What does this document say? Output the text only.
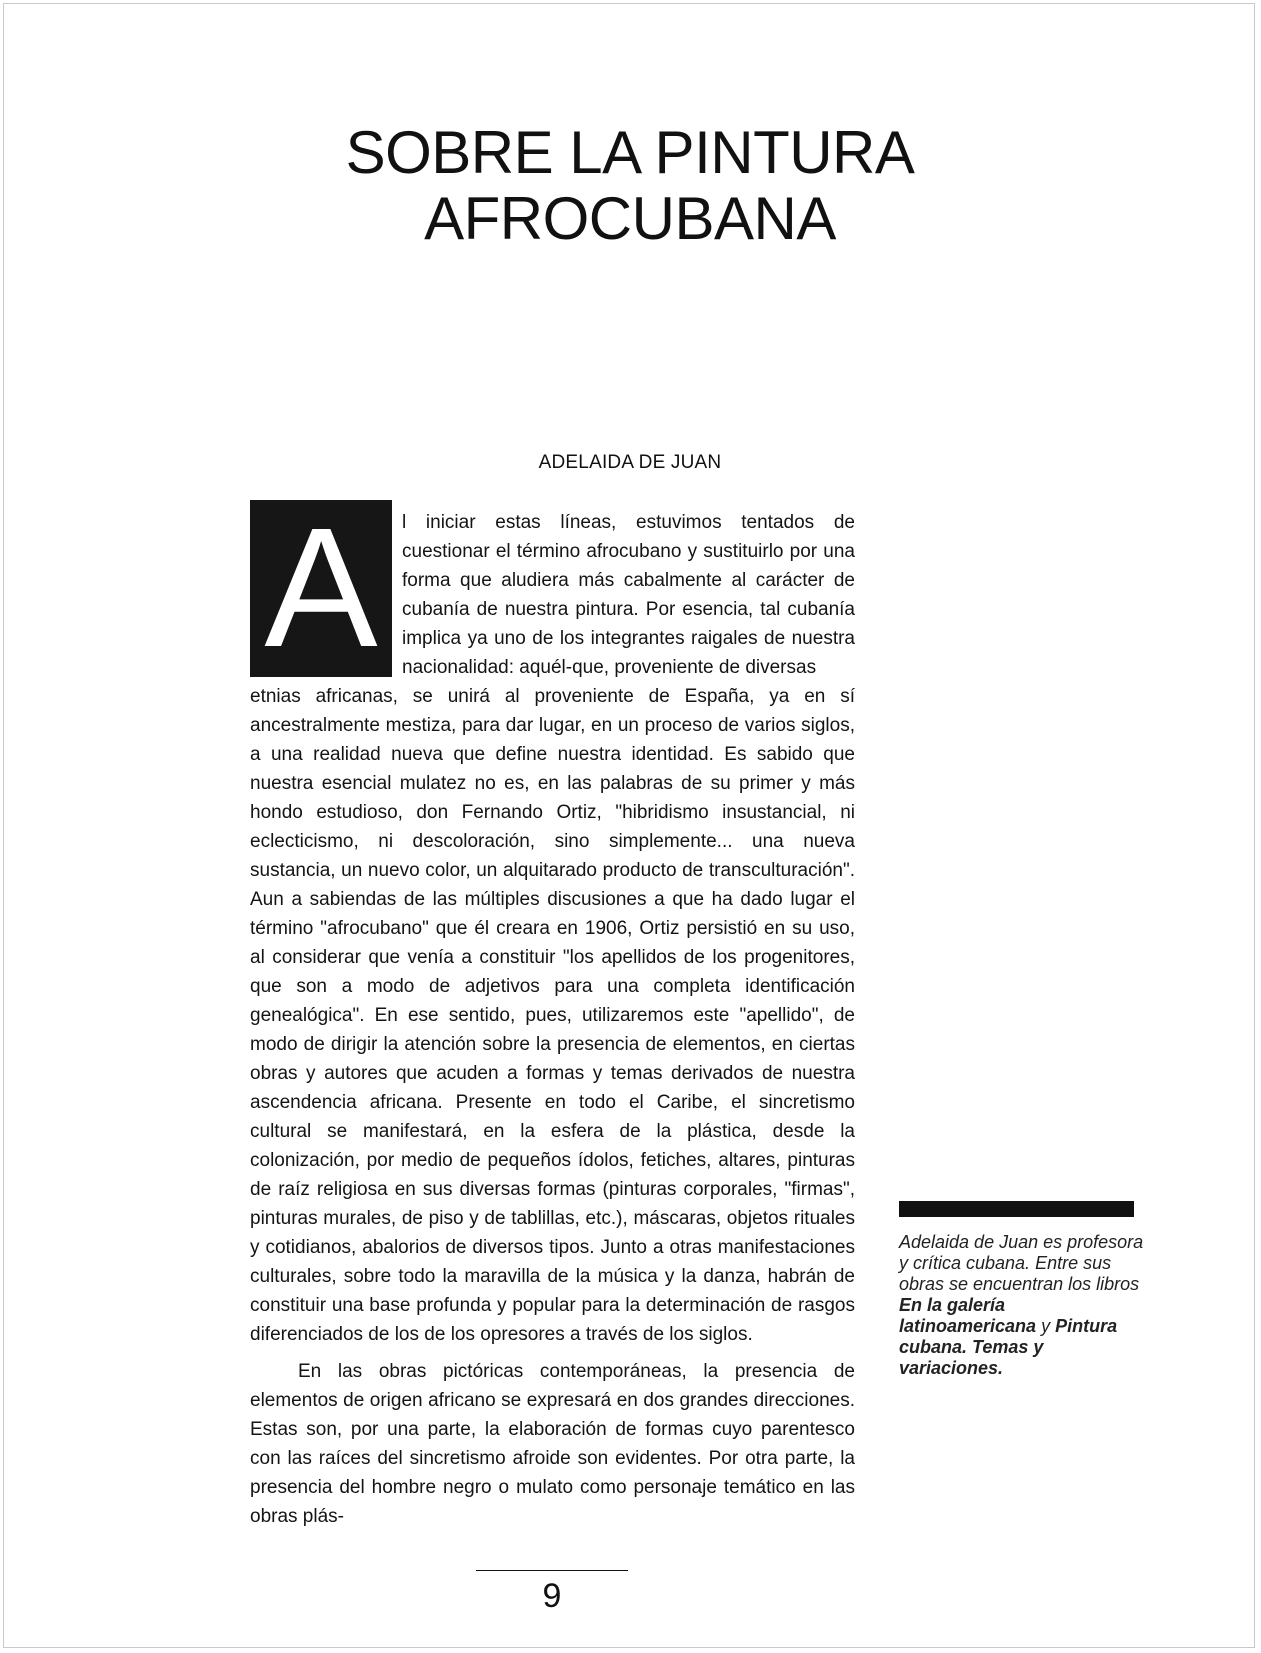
SOBRE LA PINTURA
AFROCUBANA
ADELAIDA DE JUAN
A	l iniciar estas líneas, estuvimos tentados de cuestionar el término afrocubano y sustituirlo por una forma que aludiera más cabalmente al carácter de cubanía de nuestra pintura. Por esencia, tal cubanía implica ya uno de los integrantes raigales de nuestra nacionalidad: aquél-que, proveniente de diversas

etnias africanas, se unirá al proveniente de España, ya en sí ancestralmente mestiza, para dar lugar, en un proceso de varios siglos, a una realidad nueva que define nuestra identidad. Es sabido que nuestra esencial mulatez no es, en las palabras de su primer y más hondo estudioso, don Fernando Ortiz, "hibridismo insustancial, ni eclecticismo, ni descoloración, sino simplemente... una nueva sustancia, un nuevo color, un alquitarado producto de transculturación". Aun a sabiendas de las múltiples discusiones a que ha dado lugar el término "afrocubano" que él creara en 1906, Ortiz persistió en su uso, al considerar que venía a constituir "los apellidos de los progenitores, que son a modo de adjetivos para una completa identificación genealógica". En ese sentido, pues, utilizaremos este "apellido", de modo de dirigir la atención sobre la presencia de elementos, en ciertas obras y autores que acuden a formas y temas derivados de nuestra ascendencia africana. Presente en todo el Caribe, el sincretismo cultural se manifestará, en la esfera de la plástica, desde la colonización, por medio de pequeños ídolos, fetiches, altares, pinturas de raíz religiosa en sus diversas formas (pinturas corporales, "firmas", pinturas murales, de piso y de tablillas, etc.), máscaras, objetos rituales y cotidianos, abalorios de diversos tipos. Junto a otras manifestaciones culturales, sobre todo la maravilla de la música y la danza, habrán de constituir una base profunda y popular para la determinación de rasgos diferenciados de los de los opresores a través de los siglos.

En las obras pictóricas contemporáneas, la presencia de elementos de origen africano se expresará en dos grandes direcciones. Estas son, por una parte, la elaboración de formas cuyo parentesco con las raíces del sincretismo afroide son evidentes. Por otra parte, la presencia del hombre negro o mulato como personaje temático en las obras plás-

Adelaida de Juan es profesora y crítica cubana. Entre sus obras se encuentran los libros En la galería latinoamericana y Pintura cubana. Temas y variaciones.
9
